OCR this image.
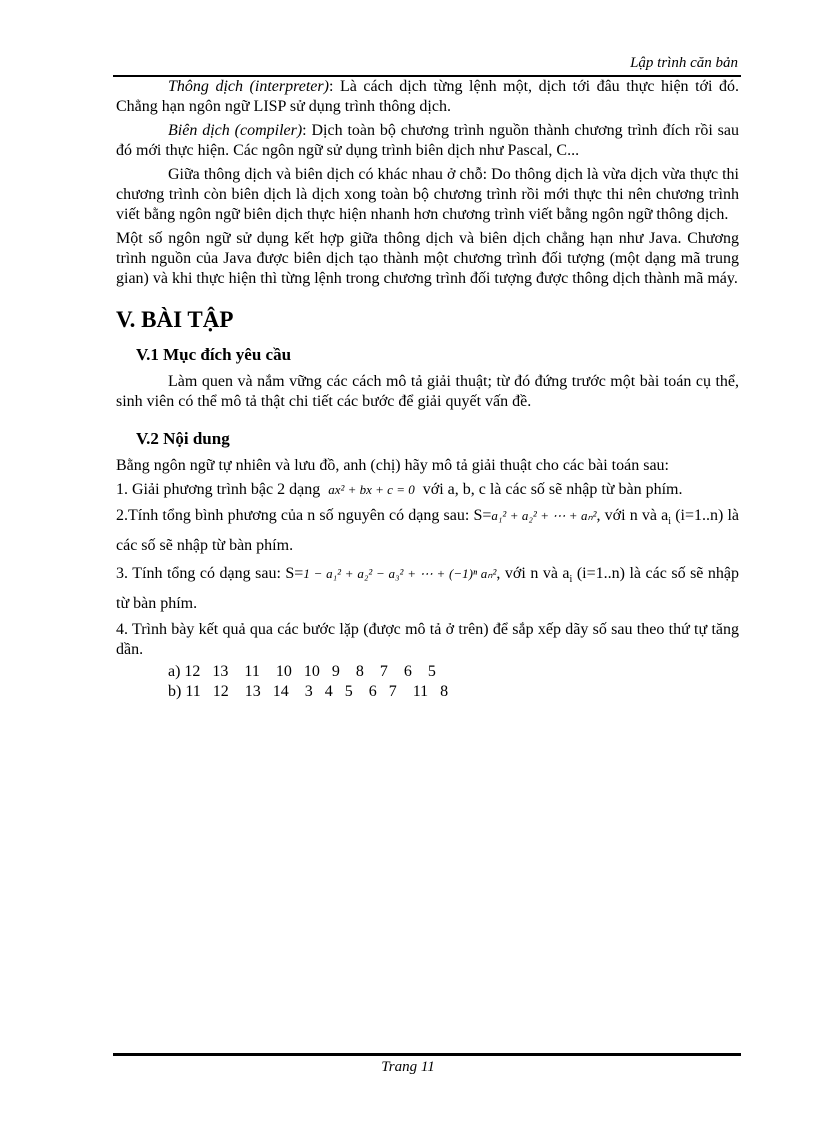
Lập trình căn bản

Thông dịch (interpreter): Là cách dịch từng lệnh một, dịch tới đâu thực hiện tới đó. Chẳng hạn ngôn ngữ LISP sử dụng trình thông dịch.

Biên dịch (compiler): Dịch toàn bộ chương trình nguồn thành chương trình đích rồi sau đó mới thực hiện. Các ngôn ngữ sử dụng trình biên dịch như Pascal, C...

Giữa thông dịch và biên dịch có khác nhau ở chỗ: Do thông dịch là vừa dịch vừa thực thi chương trình còn biên dịch là dịch xong toàn bộ chương trình rồi mới thực thi nên chương trình viết bằng ngôn ngữ biên dịch thực hiện nhanh hơn chương trình viết bằng ngôn ngữ thông dịch.

Một số ngôn ngữ sử dụng kết hợp giữa thông dịch và biên dịch chẳng hạn như Java. Chương trình nguồn của Java được biên dịch tạo thành một chương trình đối tượng (một dạng mã trung gian) và khi thực hiện thì từng lệnh trong chương trình đối tượng được thông dịch thành mã máy.

V. BÀI TẬP
V.1 Mục đích yêu cầu

Làm quen và nắm vững các cách mô tả giải thuật; từ đó đứng trước một bài toán cụ thể, sinh viên có thể mô tả thật chi tiết các bước để giải quyết vấn đề.

V.2 Nội dung

Bằng ngôn ngữ tự nhiên và lưu đồ, anh (chị) hãy mô tả giải thuật cho các bài toán sau:

1. Giải phương trình bậc 2 dạng ax² + bx + c = 0 với a, b, c là các số sẽ nhập từ bàn phím.

2.Tính tổng bình phương của n số nguyên có dạng sau: S=a₁² + a₂² + ⋯ + aₙ², với n và $a_i$ (i=1..n) là các số sẽ nhập từ bàn phím.

3. Tính tổng có dạng sau: S=1 − a₁² + a₂² − a₃² + ⋯ + (−1)ⁿ aₙ², với n và $a_i$ (i=1..n) là các số sẽ nhập từ bàn phím.

4. Trình bày kết quả qua các bước lặp (được mô tả ở trên) để sắp xếp dãy số sau theo thứ tự tăng dần.

a) 12   13    11    10   10   9    8    7    6    5
b) 11   12    13   14    3   4   5    6   7    11   8
Trang 11
